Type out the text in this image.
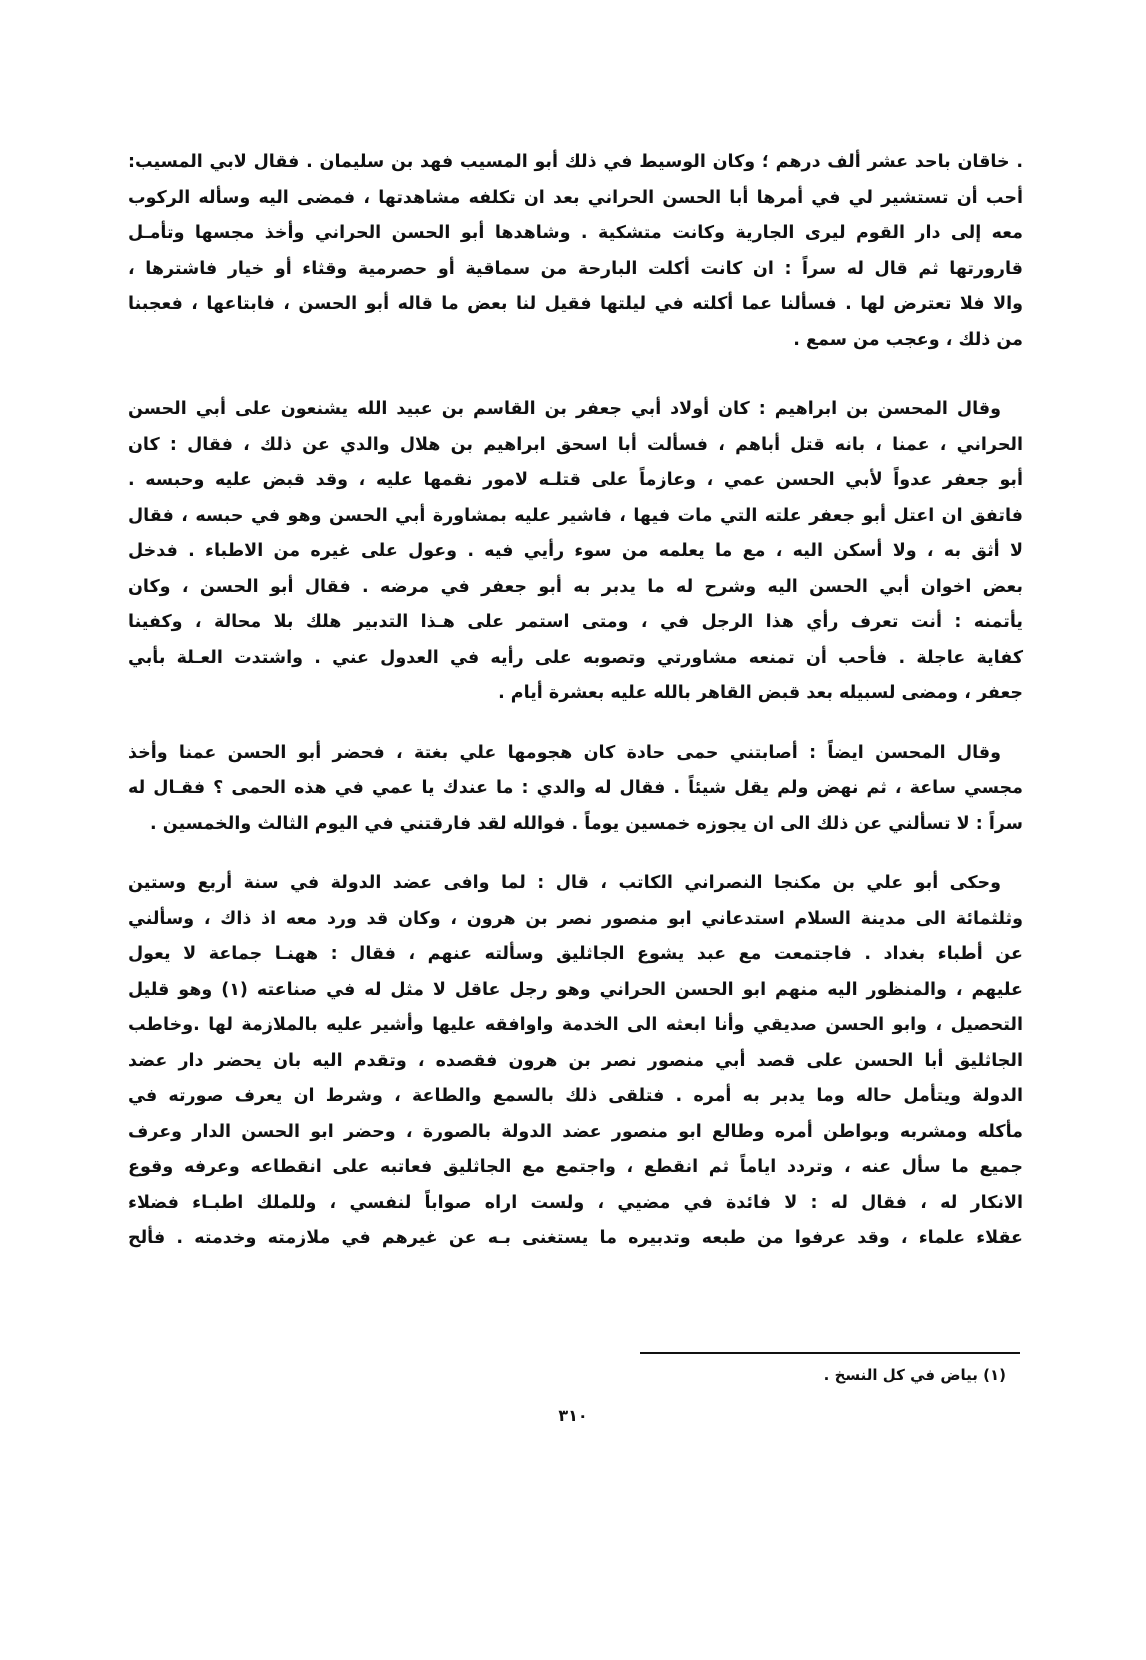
. خاقان باحد عشر ألف درهم ؛ وكان الوسيط في ذلك أبو المسيب فهد بن سليمان . فقال لابي المسيب:
أحب أن تستشير لي في أمرها أبا الحسن الحراني بعد ان تكلفه مشاهدتها ، فمضى اليه وسأله الركوب
معه إلى دار القوم ليرى الجارية وكانت متشكية . وشاهدها أبو الحسن الحراني وأخذ مجسها وتأمـل
قارورتها ثم قال له سراً : ان كانت أكلت البارحة من سماقية أو حصرمية وقثاء أو خيار فاشترها ،
والا فلا تعترض لها . فسألنا عما أكلته في ليلتها فقيل لنا بعض ما قاله أبو الحسن ، فابتاعها ، فعجبنا
من ذلك ، وعجب من سمع .
وقال المحسن بن ابراهيم : كان أولاد أبي جعفر بن القاسم بن عبيد الله يشنعون على أبي الحسن
الحراني ، عمنا ، بانه قتل أباهم ، فسألت أبا اسحق ابراهيم بن هلال والدي عن ذلك ، فقال : كان
أبو جعفر عدواً لأبي الحسن عمي ، وعازماً على قتلـه لامور نقمها عليه ، وقد قبض عليه وحبسه .
فاتفق ان اعتل أبو جعفر علته التي مات فيها ، فاشير عليه بمشاورة أبي الحسن وهو في حبسه ، فقال
لا أثق به ، ولا أسكن اليه ، مع ما يعلمه من سوء رأيي فيه . وعول على غيره من الاطباء . فدخل
بعض اخوان أبي الحسن اليه وشرح له ما يدبر به أبو جعفر في مرضه . فقال أبو الحسن ، وكان
يأتمنه : أنت تعرف رأي هذا الرجل في ، ومتى استمر على هـذا التدبير هلك بلا محالة ، وكفينا
كفاية عاجلة . فأحب أن تمنعه مشاورتي وتصوبه على رأيه في العدول عني . واشتدت العـلة بأبي
جعفر ، ومضى لسبيله بعد قبض القاهر بالله عليه بعشرة أيام .
وقال المحسن ايضاً : أصابتني حمى حادة كان هجومها علي بغتة ، فحضر أبو الحسن عمنا وأخذ
مجسي ساعة ، ثم نهض ولم يقل شيئاً . فقال له والدي : ما عندك يا عمي في هذه الحمى ؟ فقـال له
سراً : لا تسألني عن ذلك الى ان يجوزه خمسين يوماً . فوالله لقد فارقتني في اليوم الثالث والخمسين .
وحكى أبو علي بن مكنجا النصراني الكاتب ، قال : لما وافى عضد الدولة في سنة أربع وستين
وثلثمائة الى مدينة السلام استدعاني ابو منصور نصر بن هرون ، وكان قد ورد معه اذ ذاك ، وسألني
عن أطباء بغداد . فاجتمعت مع عبد يشوع الجاثليق وسألته عنهم ، فقال : ههنـا جماعة لا يعول
عليهم ، والمنظور اليه منهم ابو الحسن الحراني وهو رجل عاقل لا مثل له في صناعته (١) وهو قليل
التحصيل ، وابو الحسن صديقي وأنا ابعثه الى الخدمة واوافقه عليها وأشير عليه بالملازمة لها .وخاطب
الجاثليق أبا الحسن على قصد أبي منصور نصر بن هرون فقصده ، وتقدم اليه بان يحضر دار عضد
الدولة ويتأمل حاله وما يدبر به أمره . فتلقى ذلك بالسمع والطاعة ، وشرط ان يعرف صورته في
مأكله ومشربه وبواطن أمره وطالع ابو منصور عضد الدولة بالصورة ، وحضر ابو الحسن الدار وعرف
جميع ما سأل عنه ، وتردد اياماً ثم انقطع ، واجتمع مع الجاثليق فعاتبه على انقطاعه وعرفه وقوع
الانكار له ، فقال له : لا فائدة في مضيي ، ولست اراه صواباً لنفسي ، وللملك اطبـاء فضلاء
عقلاء علماء ، وقد عرفوا من طبعه وتدبيره ما يستغنى بـه عن غيرهم في ملازمته وخدمته . فألح
(١) بياض في كل النسخ .
٣١٠
